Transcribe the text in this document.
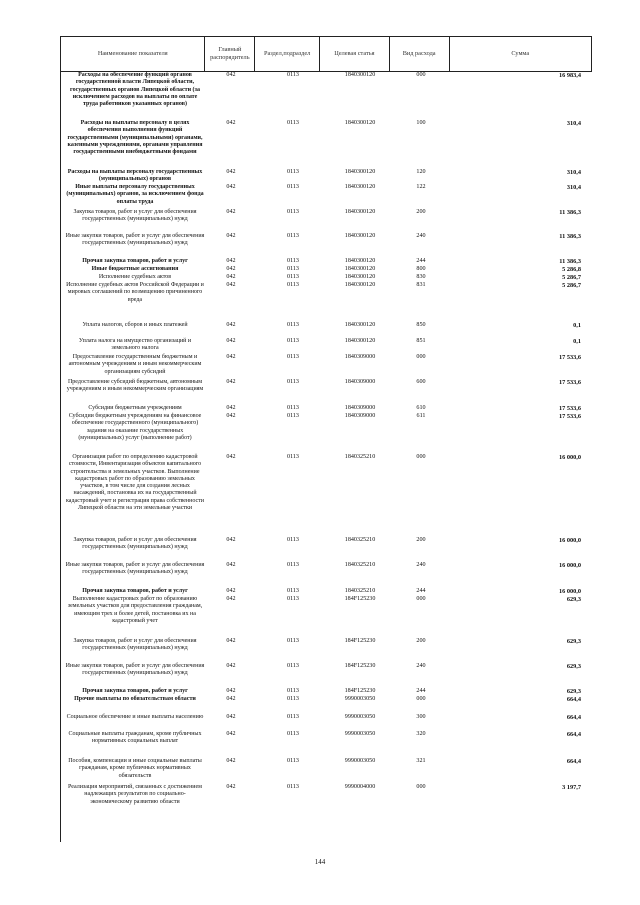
Наименование показателя
Главный распорядитель
Раздел,подраздел	Целевая статья	Вид расхода	Сумма
Расходы на обеспечение функций органов государственной власти Липецкой области, государственных органов Липецкой области (за исключением расходов на выплаты по оплате труда работников указанных органов)
042	0113	1840300120	000	16 983,4
Расходы на выплаты персоналу в целях обеспечения выполнения функций государственными (муниципальными) органами, казенными учреждениями, органами управления государственными внебюджетными фондами
042	0113	1840300120	100	310,4
Расходы на выплаты персоналу государственных (муниципальных) органов
042	0113	1840300120	120	310,4
Иные выплаты персоналу государственных (муниципальных) органов, за исключением фонда оплаты труда
042	0113	1840300120	122	310,4
Закупка товаров, работ и услуг для обеспечения государственных (муниципальных) нужд
042	0113	1840300120	200	11 386,3
Иные закупки товаров, работ и услуг для обеспечения государственных (муниципальных) нужд
042	0113	1840300120	240	11 386,3
Прочая закупка товаров, работ и услуг	042	0113	1840300120	244	11 386,3
Иные бюджетные ассигнования	042	0113	1840300120	800	5 286,8
Исполнение судебных актов	042	0113	1840300120	830	5 286,7
Исполнение судебных актов Российской Федерации и мировых соглашений по возмещению причиненного вреда
042	0113	1840300120	831	5 286,7
Уплата налогов, сборов и иных платежей	042	0113	1840300120	850	0,1
Уплата налога на имущество организаций и земельного налога
042	0113	1840300120	851	0,1
Предоставление государственным бюджетным и автономным учреждениям и иным некоммерческим организациям субсидий
042	0113	1840309000	000	17 533,6
Предоставление субсидий бюджетным, автономным учреждениям и иным некоммерческим организациям
042	0113	1840309000	600	17 533,6
Субсидии бюджетным учреждениям	042	0113	1840309000	610	17 533,6
Субсидии бюджетным учреждениям на финансовое обеспечение государственного (муниципального) задания на оказание государственных (муниципальных) услуг (выполнение работ)
042	0113	1840309000	611	17 533,6
Организация работ по определению кадастровой стоимости, Инвентаризация объектов капитального строительства и земельных участков. Выполнение кадастровых работ по образованию земельных участков, в том числе для создания лесных насаждений, постановка их на государственный кадастровый учет и регистрация права собственности Липецкой области на эти земельные участки
042	0113	1840325210	000	16 000,0
Закупка товаров, работ и услуг для обеспечения государственных (муниципальных) нужд
042	0113	1840325210	200	16 000,0
Иные закупки товаров, работ и услуг для обеспечения государственных (муниципальных) нужд
042	0113	1840325210	240	16 000,0
Прочая закупка товаров, работ и услуг	042	0113	1840325210	244	16 000,0
Выполнение кадастровых работ по образованию земельных участков для предоставления гражданам, имеющим трех и более детей, постановка их на кадастровый учет
042	0113	184F125230	000	629,3
Закупка товаров, работ и услуг для обеспечения государственных (муниципальных) нужд
042	0113	184F125230	200	629,3
Иные закупки товаров, работ и услуг для обеспечения государственных (муниципальных) нужд
042	0113	184F125230	240	629,3
Прочая закупка товаров, работ и услуг	042	0113	184F125230	244	629,3
Прочие выплаты по обязательствам области	042	0113	9990003050	000	664,4
Социальное обеспечение и иные выплаты населению	042	0113	9990003050	300	664,4
Социальные выплаты гражданам, кроме публичных нормативных социальных выплат
042	0113	9990003050	320	664,4
Пособия, компенсации и иные социальные выплаты гражданам, кроме публичных нормативных обязательств
042	0113	9990003050	321	664,4
Реализация мероприятий, связанных с достижением надлежащих результатов по социально-экономическому развитию области
042	0113	9990004000	000	3 197,7
144
